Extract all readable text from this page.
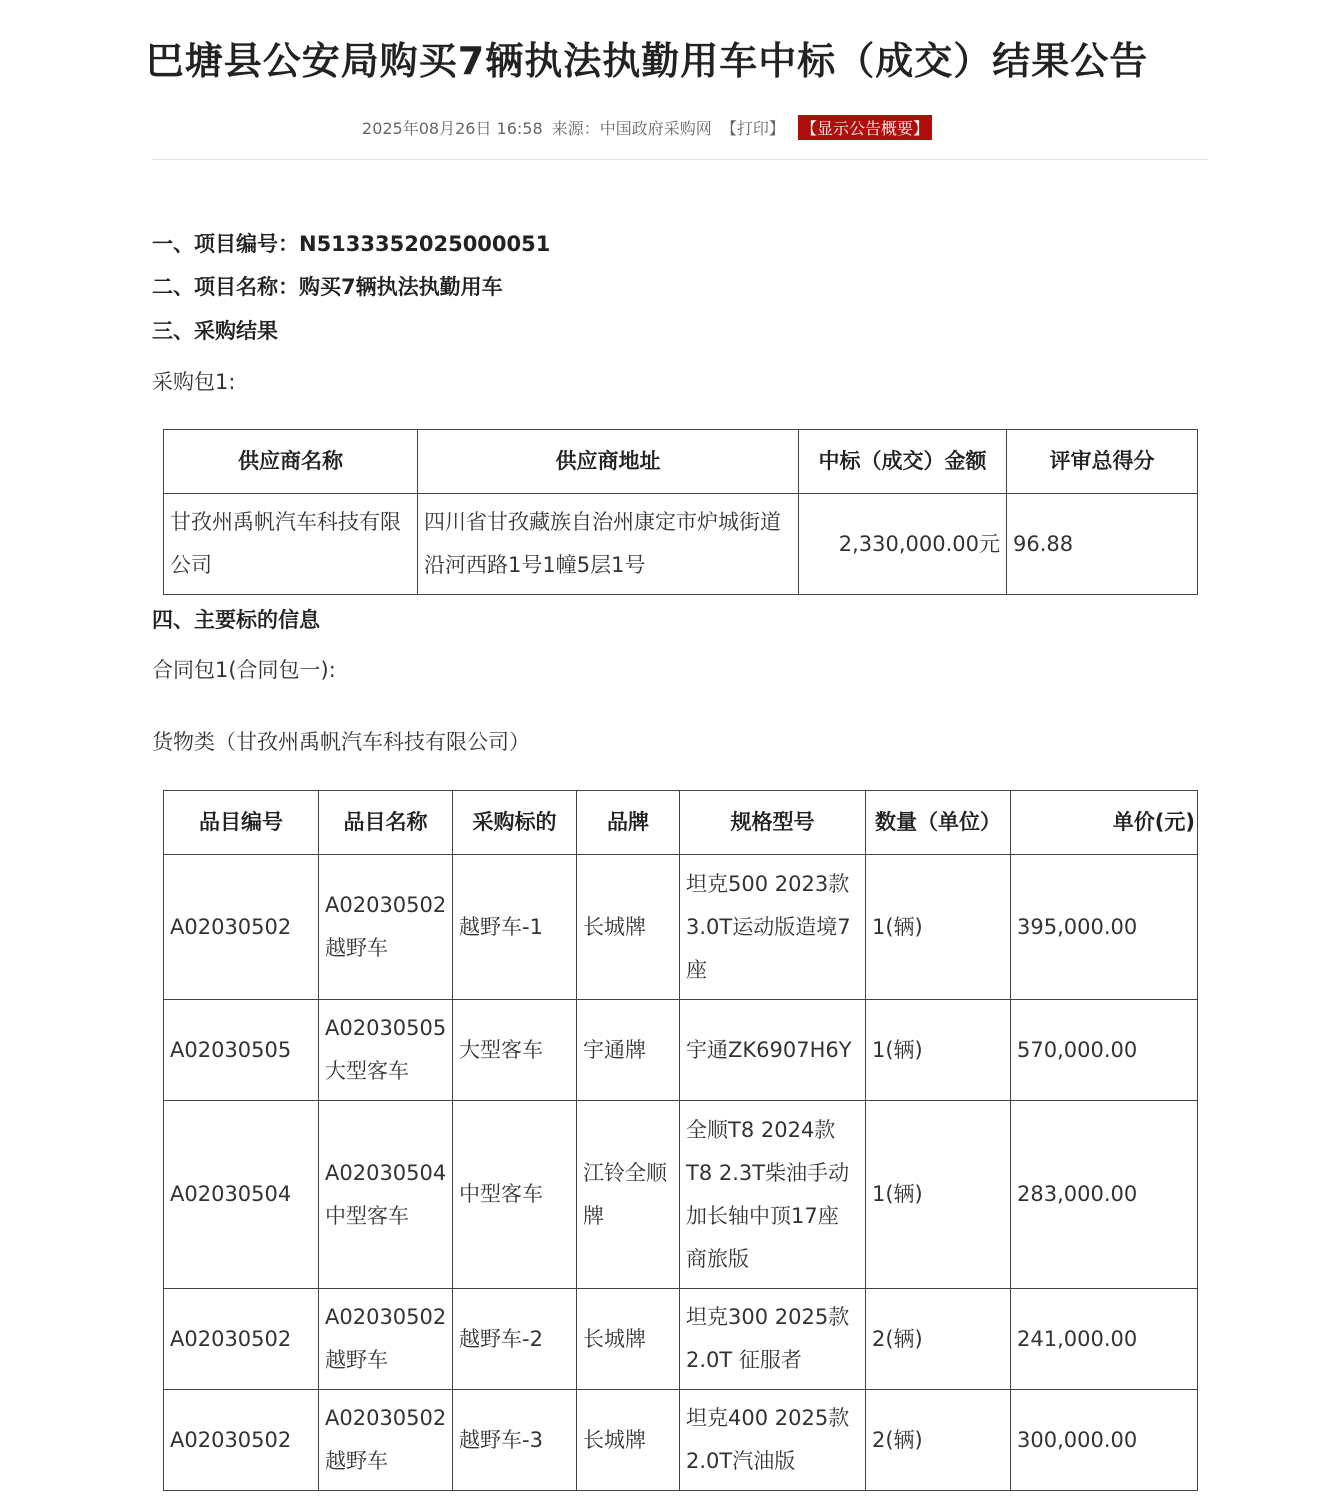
巴塘县公安局购买7辆执法执勤用车中标（成交）结果公告
2025年08月26日 16:58 来源：中国政府采购网 【打印】 【显示公告概要】
一、项目编号：N5133352025000051
二、项目名称：购买7辆执法执勤用车
三、采购结果
采购包1:
供应商名称	供应商地址	中标（成交）金额	评审总得分
甘孜州禹帆汽车科技有限公司	四川省甘孜藏族自治州康定市炉城街道沿河西路1号1幢5层1号	2,330,000.00元	96.88
四、主要标的信息
合同包1(合同包一):
货物类（甘孜州禹帆汽车科技有限公司）
品目编号	品目名称	采购标的	品牌	规格型号	数量（单位）	单价(元)
A02030502	A02030502越野车	越野车-1	长城牌	坦克500 2023款 3.0T运动版造境7座	1(辆)	395,000.00
A02030505	A02030505大型客车	大型客车	宇通牌	宇通ZK6907H6Y	1(辆)	570,000.00
A02030504	A02030504中型客车	中型客车	江铃全顺牌	全顺T8 2024款 T8 2.3T柴油手动加长轴中顶17座商旅版	1(辆)	283,000.00
A02030502	A02030502越野车	越野车-2	长城牌	坦克300 2025款 2.0T 征服者	2(辆)	241,000.00
A02030502	A02030502越野车	越野车-3	长城牌	坦克400 2025款 2.0T汽油版	2(辆)	300,000.00
